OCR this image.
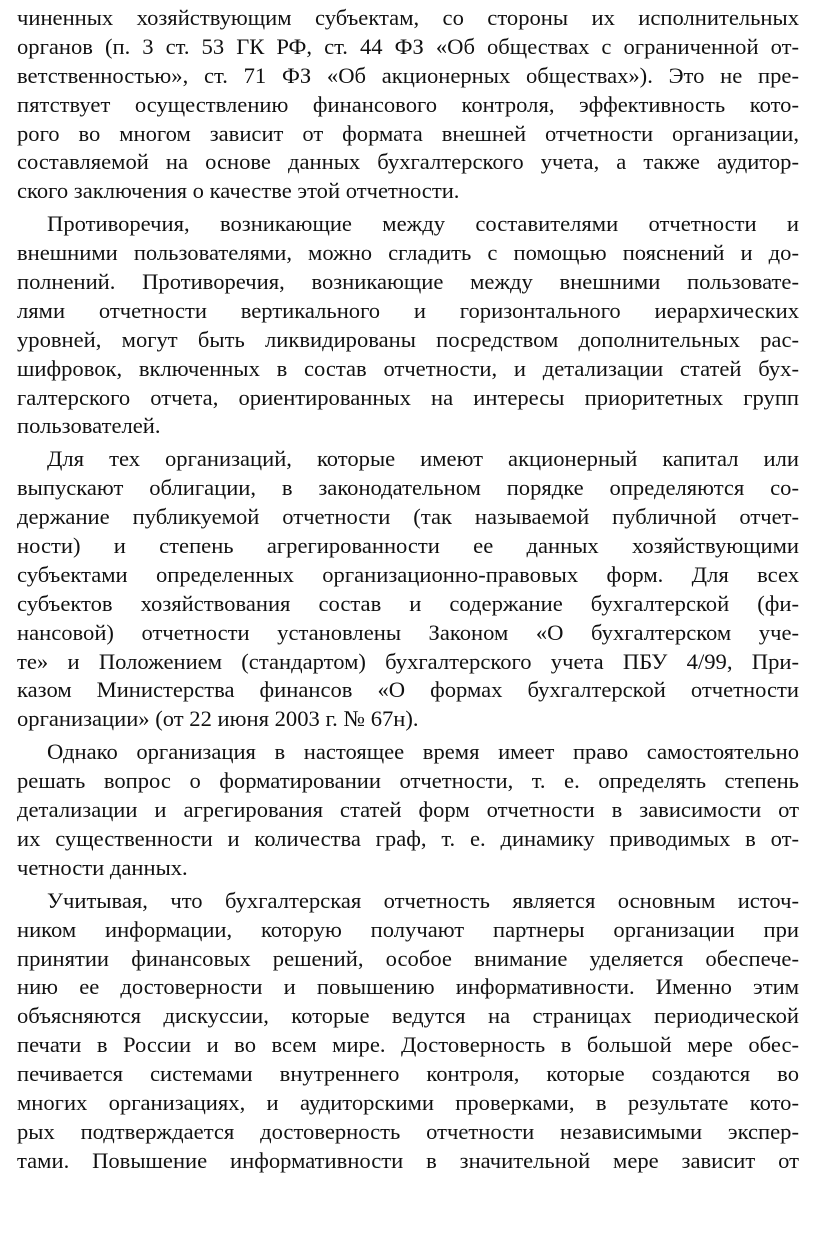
чиненных хозяйствующим субъектам, со стороны их исполнительных
органов (п. 3 ст. 53 ГК РФ, ст. 44 ФЗ «Об обществах с ограниченной от-
ветственностью», ст. 71 ФЗ «Об акционерных обществах»). Это не пре-
пятствует осуществлению финансового контроля, эффективность кото-
рого во многом зависит от формата внешней отчетности организации,
составляемой на основе данных бухгалтерского учета, а также аудитор-
ского заключения о качестве этой отчетности.
Противоречия, возникающие между составителями отчетности и
внешними пользователями, можно сгладить с помощью пояснений и до-
полнений. Противоречия, возникающие между внешними пользовате-
лями отчетности вертикального и горизонтального иерархических
уровней, могут быть ликвидированы посредством дополнительных рас-
шифровок, включенных в состав отчетности, и детализации статей бух-
галтерского отчета, ориентированных на интересы приоритетных групп
пользователей.
Для тех организаций, которые имеют акционерный капитал или
выпускают облигации, в законодательном порядке определяются со-
держание публикуемой отчетности (так называемой публичной отчет-
ности) и степень агрегированности ее данных хозяйствующими
субъектами определенных организационно-правовых форм. Для всех
субъектов хозяйствования состав и содержание бухгалтерской (фи-
нансовой) отчетности установлены Законом «О бухгалтерском уче-
те» и Положением (стандартом) бухгалтерского учета ПБУ 4/99, При-
казом Министерства финансов «О формах бухгалтерской отчетности
организации» (от 22 июня 2003 г. № 67н).
Однако организация в настоящее время имеет право самостоятельно
решать вопрос о форматировании отчетности, т. е. определять степень
детализации и агрегирования статей форм отчетности в зависимости от
их существенности и количества граф, т. е. динамику приводимых в от-
четности данных.
Учитывая, что бухгалтерская отчетность является основным источ-
ником информации, которую получают партнеры организации при
принятии финансовых решений, особое внимание уделяется обеспече-
нию ее достоверности и повышению информативности. Именно этим
объясняются дискуссии, которые ведутся на страницах периодической
печати в России и во всем мире. Достоверность в большой мере обес-
печивается системами внутреннего контроля, которые создаются во
многих организациях, и аудиторскими проверками, в результате кото-
рых подтверждается достоверность отчетности независимыми экспер-
тами. Повышение информативности в значительной мере зависит от
